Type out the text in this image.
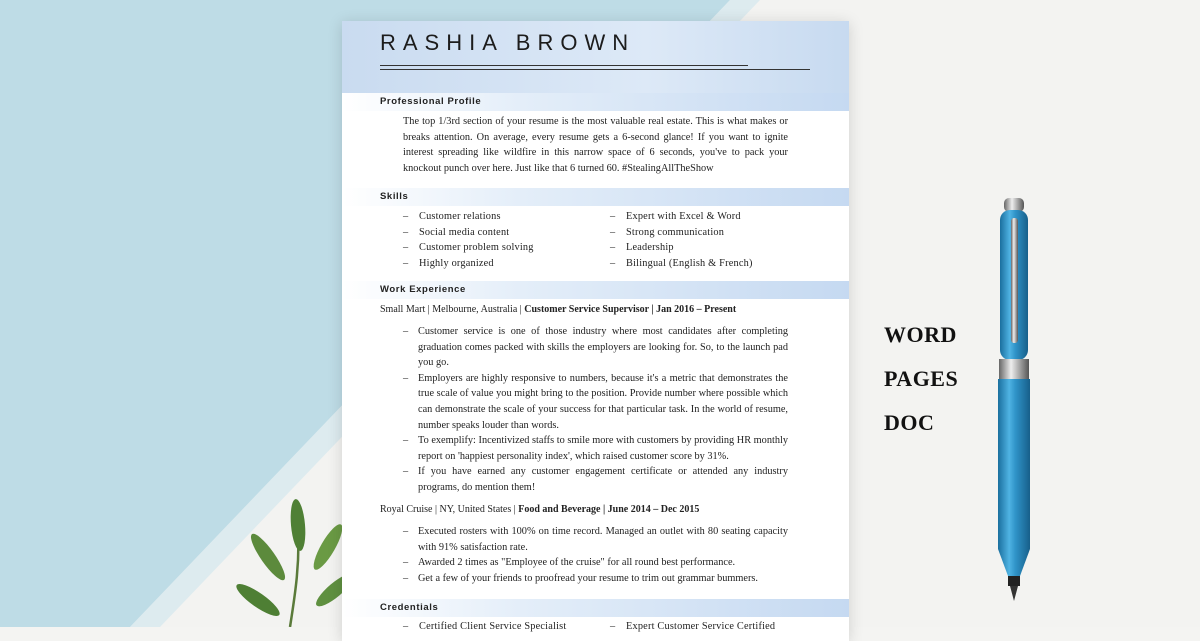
RASHIA BROWN
Professional Profile

The top 1/3rd section of your resume is the most valuable real estate. This is what makes or breaks attention. On average, every resume gets a 6-second glance! If you want to ignite interest spreading like wildfire in this narrow space of 6 seconds, you've to pack your knockout punch over here. Just like that 6 turned 60. #StealingAllTheShow

Skills
– Customer relations
– Social media content
– Customer problem solving
– Highly organized
– Expert with Excel & Word
– Strong communication
– Leadership
– Bilingual (English & French)
Work Experience
Small Mart | Melbourne, Australia | Customer Service Supervisor | Jan 2016 – Present
– Customer service is one of those industry where most candidates after completing graduation comes packed with skills the employers are looking for. So, to the launch pad you go.
– Employers are highly responsive to numbers, because it's a metric that demonstrates the true scale of value you might bring to the position. Provide number where possible which can demonstrate the scale of your success for that particular task. In the world of resume, number speaks louder than words.
– To exemplify: Incentivized staffs to smile more with customers by providing HR monthly report on 'happiest personality index', which raised customer score by 31%.
– If you have earned any customer engagement certificate or attended any industry programs, do mention them!
Royal Cruise | NY, United States | Food and Beverage | June 2014 – Dec 2015
– Executed rosters with 100% on time record. Managed an outlet with 80 seating capacity with 91% satisfaction rate.
– Awarded 2 times as "Employee of the cruise" for all round best performance.
– Get a few of your friends to proofread your resume to trim out grammar bummers.
Credentials
– Certified Client Service Specialist
–	Expert Customer Service Certified
WORD
PAGES
DOC
